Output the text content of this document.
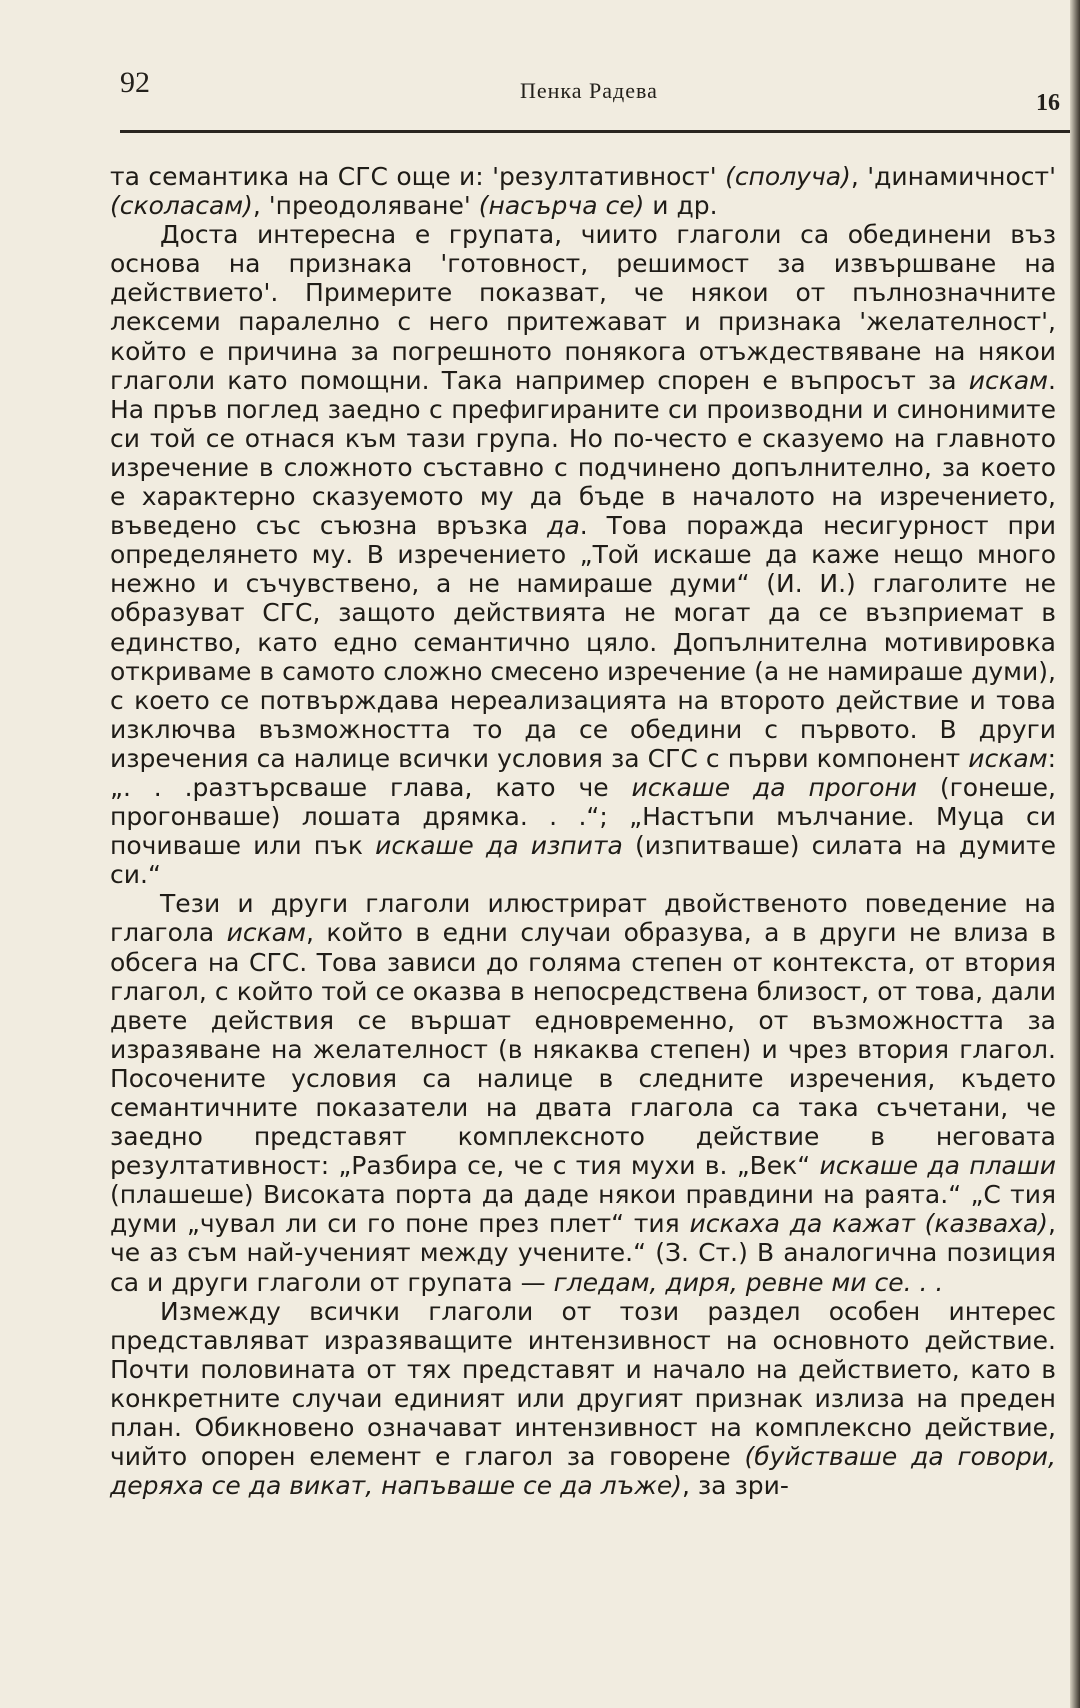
92	Пенка Радева	16

та семантика на СГС още и: 'резултативност' (сполуча), 'динамичност' (сколасам), 'преодоляване' (насърча се) и др.

Доста интересна е групата, чиито глаголи са обединени въз основа на признака 'готовност, решимост за извършване на действието'. Примерите показват, че някои от пълнозначните лексеми паралелно с него притежават и признака 'желателност', който е причина за погрешното понякога отъждествяване на някои глаголи като помощни. Така например спорен е въпросът за искам. На пръв поглед заедно с префигираните си производни и синонимите си той се отнася към тази група. Но по-често е сказуемо на главното изречение в сложното съставно с подчинено допълнително, за което е характерно сказуемото му да бъде в началото на изречението, въведено със съюзна връзка да. Това поражда несигурност при определянето му. В изречението „Той искаше да каже нещо много нежно и съчувствено, а не намираше думи“ (И. И.) глаголите не образуват СГС, защото действията не могат да се възприемат в единство, като едно семантично цяло. Допълнителна мотивировка откриваме в самото сложно смесено изречение (а не намираше думи), с което се потвърждава нереализацията на второто действие и това изключва възможността то да се обедини с първото. В други изречения са налице всички условия за СГС с първи компонент искам: „. . .разтърсваше глава, като че искаше да прогони (гонеше, прогонваше) лошата дрямка. . .“; „Настъпи мълчание. Муца си почиваше или пък искаше да изпита (изпитваше) силата на думите си.“

Тези и други глаголи илюстрират двойственото поведение на глагола искам, който в едни случаи образува, а в други не влиза в обсега на СГС. Това зависи до голяма степен от контекста, от втория глагол, с който той се оказва в непосредствена близост, от това, дали двете действия се вършат едновременно, от възможността за изразяване на желателност (в някаква степен) и чрез втория глагол. Посочените условия са налице в следните изречения, където семантичните показатели на двата глагола са така съчетани, че заедно представят комплексното действие в неговата резултативност: „Разбира се, че с тия мухи в. „Век“ искаше да плаши (плашеше) Високата порта да даде някои правдини на раята.“ „С тия думи „чувал ли си го поне през плет“ тия искаха да кажат (казваха), че аз съм най-ученият между учените.“ (З. Ст.) В аналогична позиция са и други глаголи от групата — гледам, диря, ревне ми се. . .

Измежду всички глаголи от този раздел особен интерес представляват изразяващите интензивност на основното действие. Почти половината от тях представят и начало на действието, като в конкретните случаи единият или другият признак излиза на преден план. Обикновено означават интензивност на комплексно действие, чийто опорен елемент е глагол за говорене (буйстваше да говори, деряха се да викат, напъваше се да лъже), за зри-
